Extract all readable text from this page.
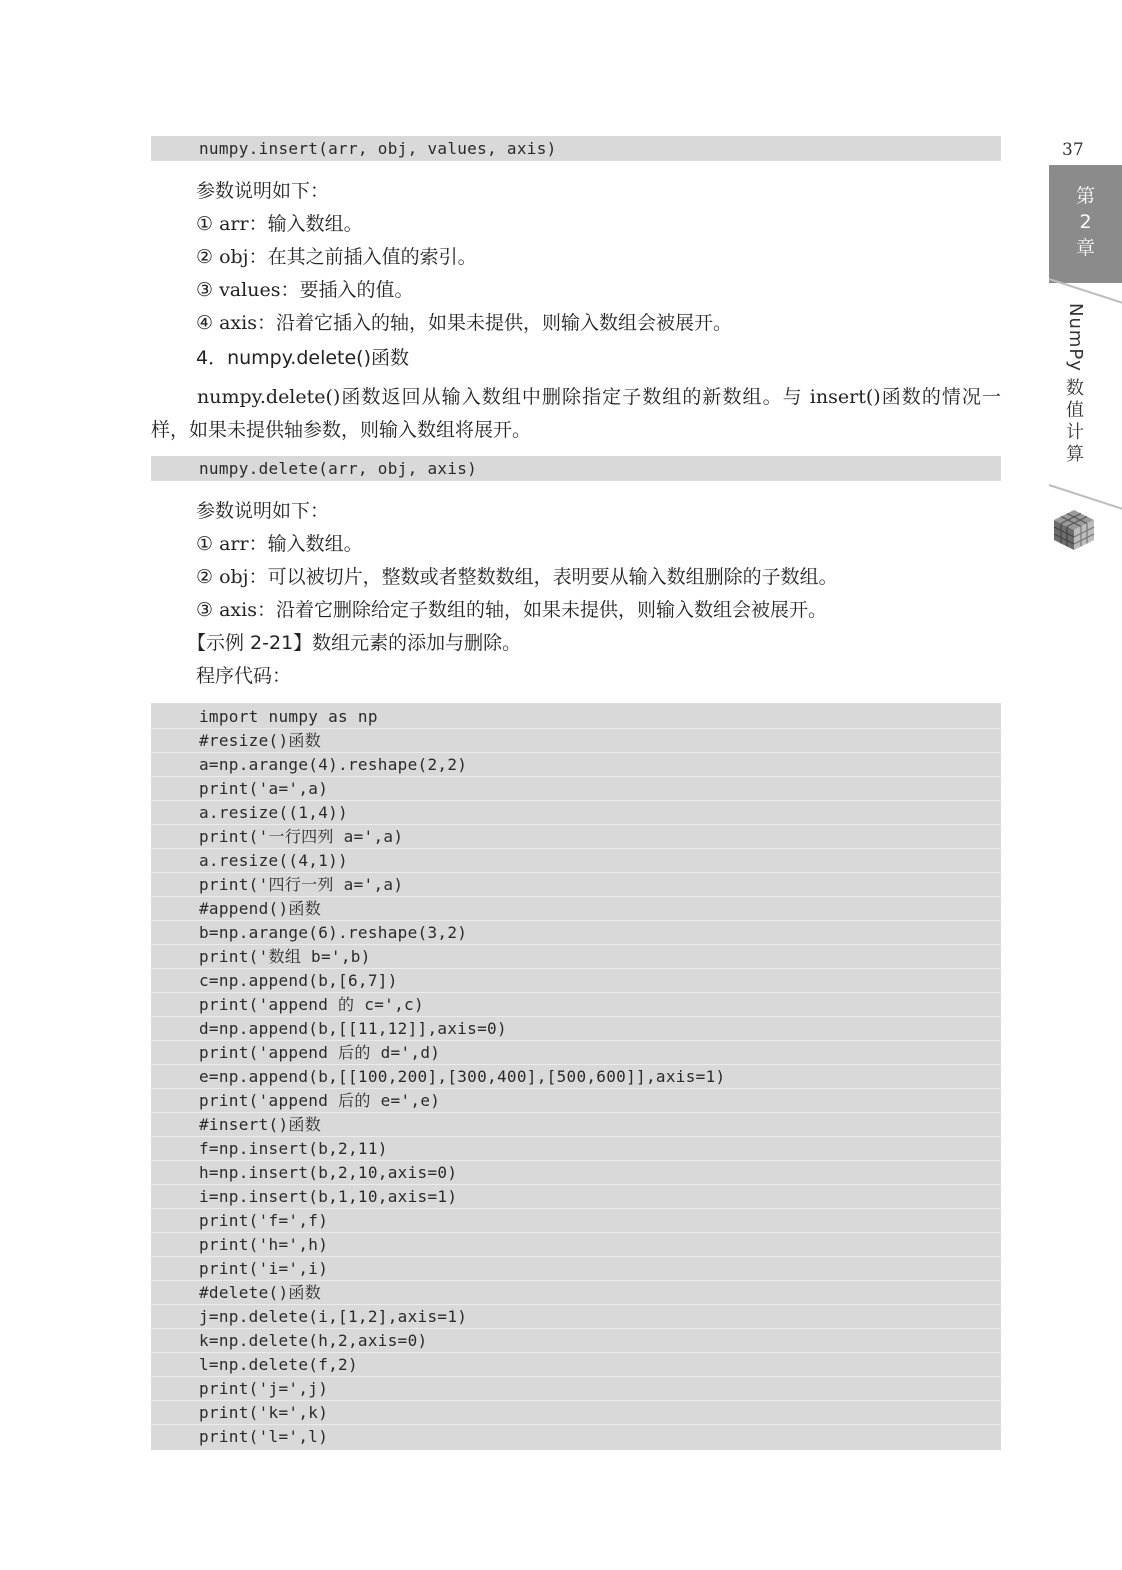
numpy.insert(arr, obj, values, axis)
参数说明如下：
① arr：输入数组。
② obj：在其之前插入值的索引。
③ values：要插入的值。
④ axis：沿着它插入的轴，如果未提供，则输入数组会被展开。
4．numpy.delete()函数
numpy.delete()函数返回从输入数组中删除指定子数组的新数组。与 insert()函数的情况一样，如果未提供轴参数，则输入数组将展开。
numpy.delete(arr, obj, axis)
参数说明如下：
① arr：输入数组。
② obj：可以被切片，整数或者整数数组，表明要从输入数组删除的子数组。
③ axis：沿着它删除给定子数组的轴，如果未提供，则输入数组会被展开。
【示例 2-21】数组元素的添加与删除。
程序代码：
import numpy as np
#resize()函数
a=np.arange(4).reshape(2,2)
print('a=',a)
a.resize((1,4))
print('一行四列 a=',a)
a.resize((4,1))
print('四行一列 a=',a)
#append()函数
b=np.arange(6).reshape(3,2)
print('数组 b=',b)
c=np.append(b,[6,7])
print('append 的 c=',c)
d=np.append(b,[[11,12]],axis=0)
print('append 后的 d=',d)
e=np.append(b,[[100,200],[300,400],[500,600]],axis=1)
print('append 后的 e=',e)
#insert()函数
f=np.insert(b,2,11)
h=np.insert(b,2,10,axis=0)
i=np.insert(b,1,10,axis=1)
print('f=',f)
print('h=',h)
print('i=',i)
#delete()函数
j=np.delete(i,[1,2],axis=1)
k=np.delete(h,2,axis=0)
l=np.delete(f,2)
print('j=',j)
print('k=',k)
print('l=',l)
37
第
2
章
NumPy
数
值
计
算
